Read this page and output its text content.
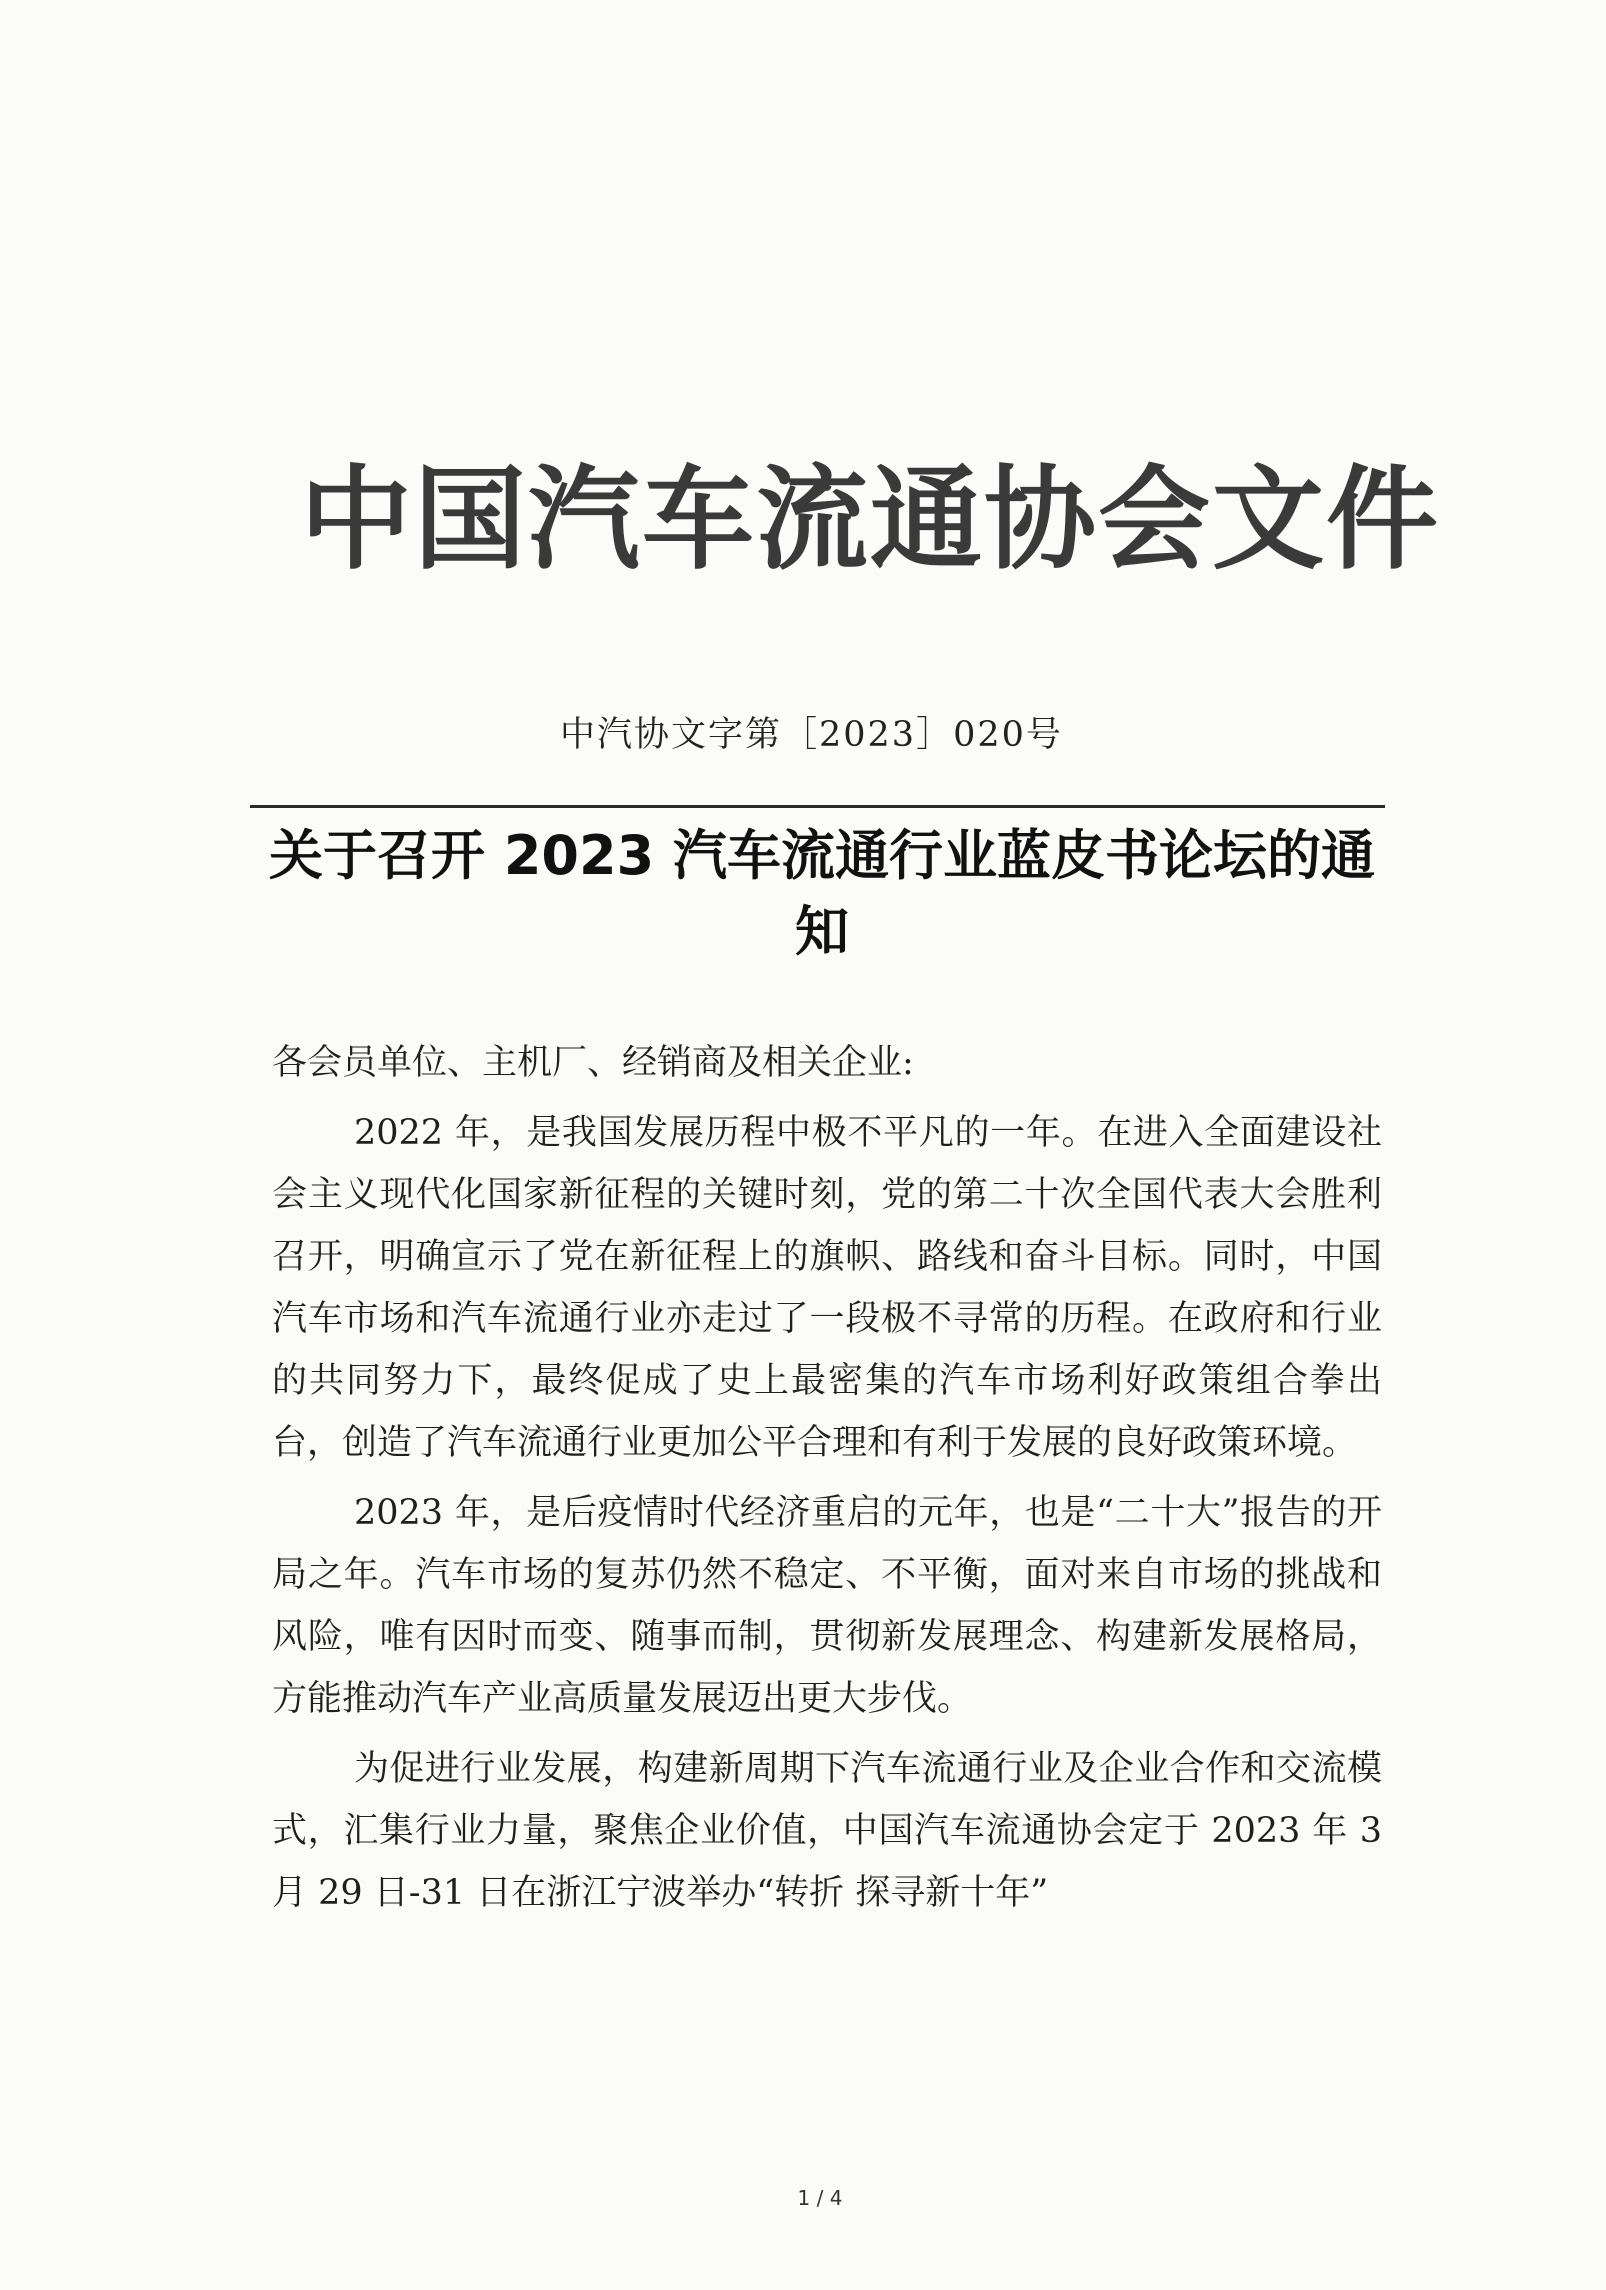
中国汽车流通协会文件
中汽协文字第［2023］020号
关于召开 2023 汽车流通行业蓝皮书论坛的通知

各会员单位、主机厂、经销商及相关企业:

2022 年，是我国发展历程中极不平凡的一年。在进入全面建设社会主义现代化国家新征程的关键时刻，党的第二十次全国代表大会胜利召开，明确宣示了党在新征程上的旗帜、路线和奋斗目标。同时，中国汽车市场和汽车流通行业亦走过了一段极不寻常的历程。在政府和行业的共同努力下，最终促成了史上最密集的汽车市场利好政策组合拳出台，创造了汽车流通行业更加公平合理和有利于发展的良好政策环境。

2023 年，是后疫情时代经济重启的元年，也是“二十大”报告的开局之年。汽车市场的复苏仍然不稳定、不平衡，面对来自市场的挑战和风险，唯有因时而变、随事而制，贯彻新发展理念、构建新发展格局，方能推动汽车产业高质量发展迈出更大步伐。

为促进行业发展，构建新周期下汽车流通行业及企业合作和交流模式，汇集行业力量，聚焦企业价值，中国汽车流通协会定于 2023 年 3 月 29 日-31 日在浙江宁波举办“转折 探寻新十年”

1 / 4
